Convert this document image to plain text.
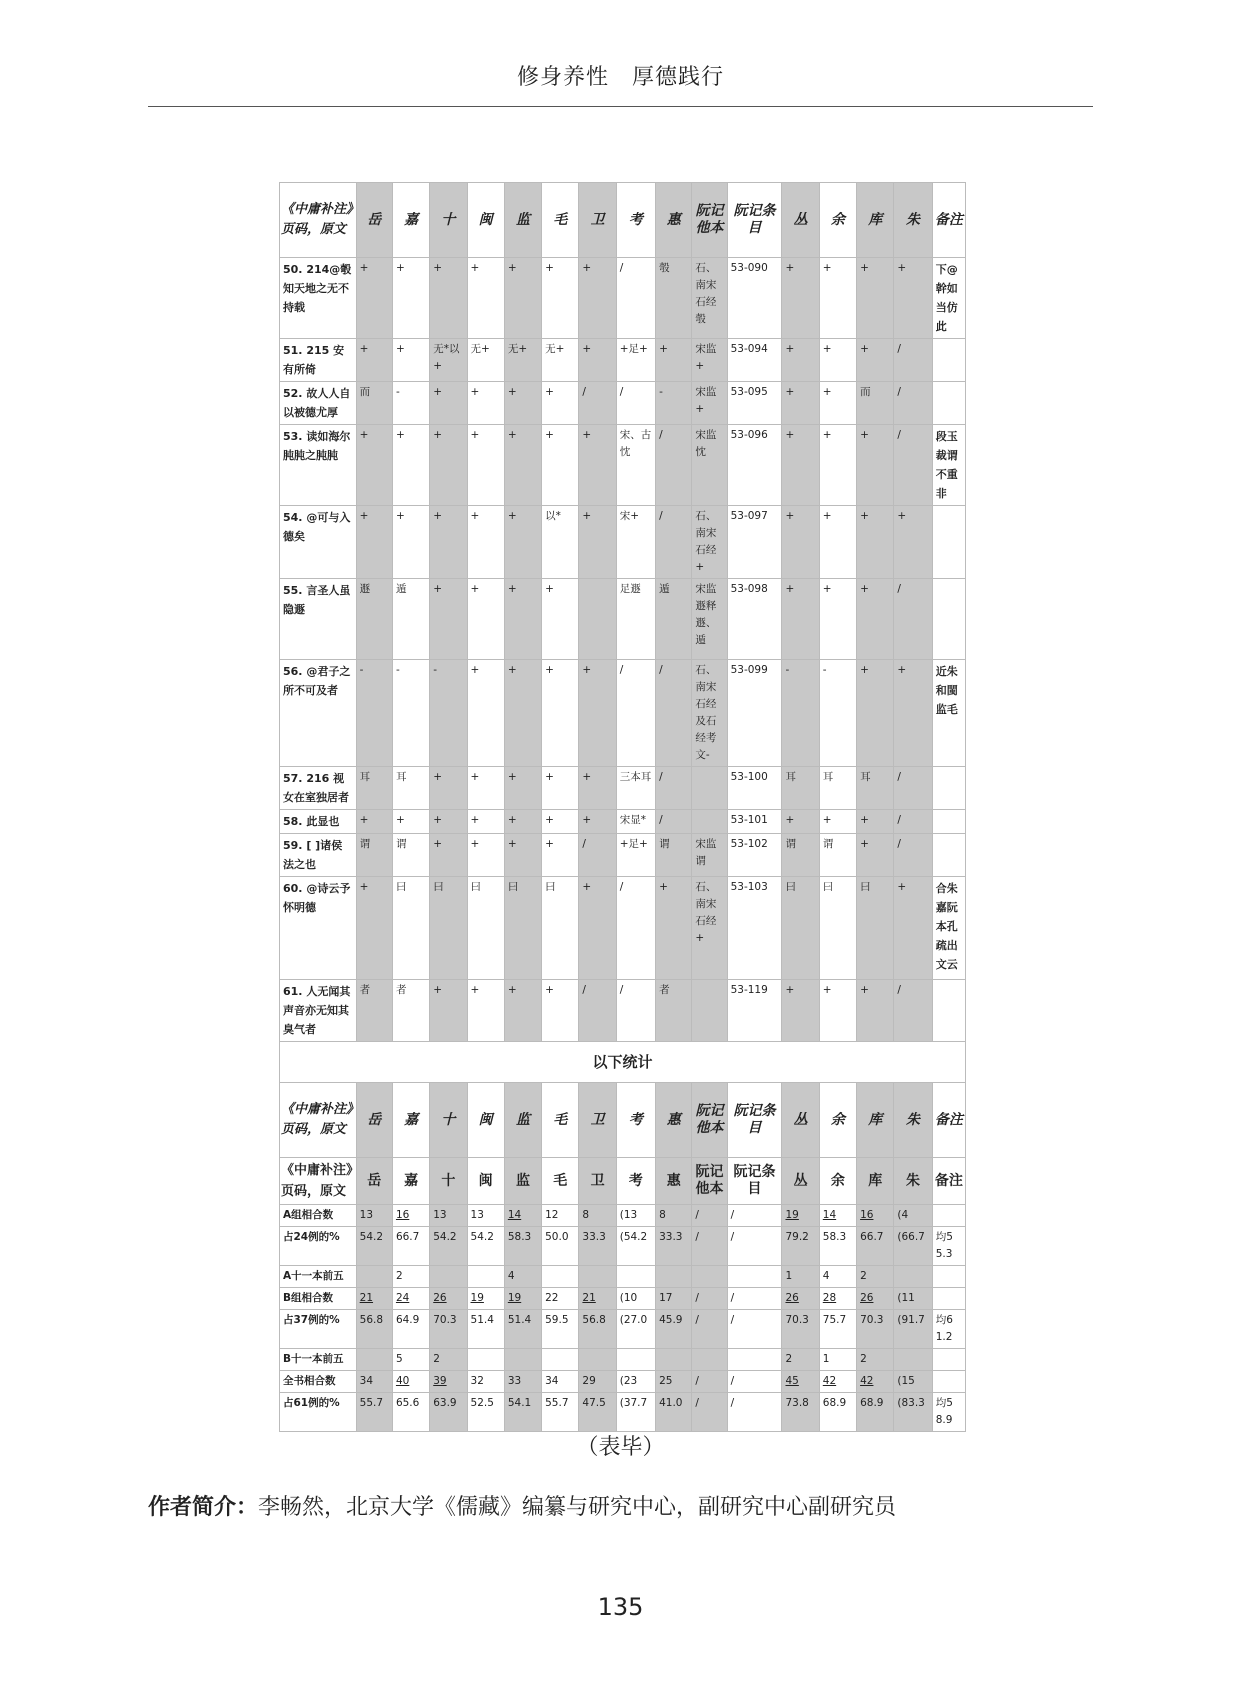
修身养性　厚德践行
《中庸补注》页码，原文	岳	嘉	十	闽	监	毛	卫	考	惠	阮记他本	阮记条目	丛	余	库	朱	备注
50. 214@彀知天地之无不持载	+	+	+	+	+	+	+	/	彀	石、南宋石经彀	53-090	+	+	+	+	下@幹如当仿此
51. 215 安有所倚	+	+	无*以+	无+	无+	无+	+	+足+	+	宋监+	53-094	+	+	+	/	
52. 故人人自以被德尤厚	而	-	+	+	+	+	/	/	-	宋监+	53-095	+	+	而	/	
53. 读如海尔肫肫之肫肫	+	+	+	+	+	+	+	宋、古忱	/	宋监忱	53-096	+	+	+	/	段玉裁谓不重非
54. @可与入德矣	+	+	+	+	+	以*	+	宋+	/	石、南宋石经+	53-097	+	+	+	+	
55. 言圣人虽隐遯	遯	遁	+	+	+	+		足遯	遁	宋监遯释遯、遁	53-098	+	+	+	/	
56. @君子之所不可及者	-	-	-	+	+	+	+	/	/	石、南宋石经及石经考文-	53-099	-	-	+	+	近朱和閩监毛
57. 216 视女在室独居者	耳	耳	+	+	+	+	+	三本耳	/		53-100	耳	耳	耳	/	
58. 此显也	+	+	+	+	+	+	+	宋显*	/		53-101	+	+	+	/	
59. [ ]诸侯法之也	谓	谓	+	+	+	+	/	+足+	谓	宋监谓	53-102	谓	谓	+	/	
60. @诗云予怀明德	+	曰	曰	曰	曰	曰	+	/	+	石、南宋石经+	53-103	曰	曰	曰	+	合朱嘉阮本孔疏出文云
61. 人无闻其声音亦无知其臭气者	者	者	+	+	+	+	/	/	者		53-119	+	+	+	/	
以下统计																
《中庸补注》页码，原文	岳	嘉	十	闽	监	毛	卫	考	惠	阮记他本	阮记条目	丛	余	库	朱	备注
《中庸补注》页码，原文	岳	嘉	十	闽	监	毛	卫	考	惠	阮记他本	阮记条目	丛	余	库	朱	备注
A组相合数	13	16	13	13	14	12	8	(13	8	/	/	19	14	16	(4	
占24例的%	54.2	66.7	54.2	54.2	58.3	50.0	33.3	(54.2	33.3	/	/	79.2	58.3	66.7	(66.7	均55.3
A十一本前五		2			4							1	4	2		
B组相合数	21	24	26	19	19	22	21	(10	17	/	/	26	28	26	(11	
占37例的%	56.8	64.9	70.3	51.4	51.4	59.5	56.8	(27.0	45.9	/	/	70.3	75.7	70.3	(91.7	均61.2
B十一本前五		5	2									2	1	2		
全书相合数	34	40	39	32	33	34	29	(23	25	/	/	45	42	42	(15	
占61例的%	55.7	65.6	63.9	52.5	54.1	55.7	47.5	(37.7	41.0	/	/	73.8	68.9	68.9	(83.3	均58.9
（表毕）
作者简介：李畅然，北京大学《儒藏》编纂与研究中心，副研究中心副研究员
135
